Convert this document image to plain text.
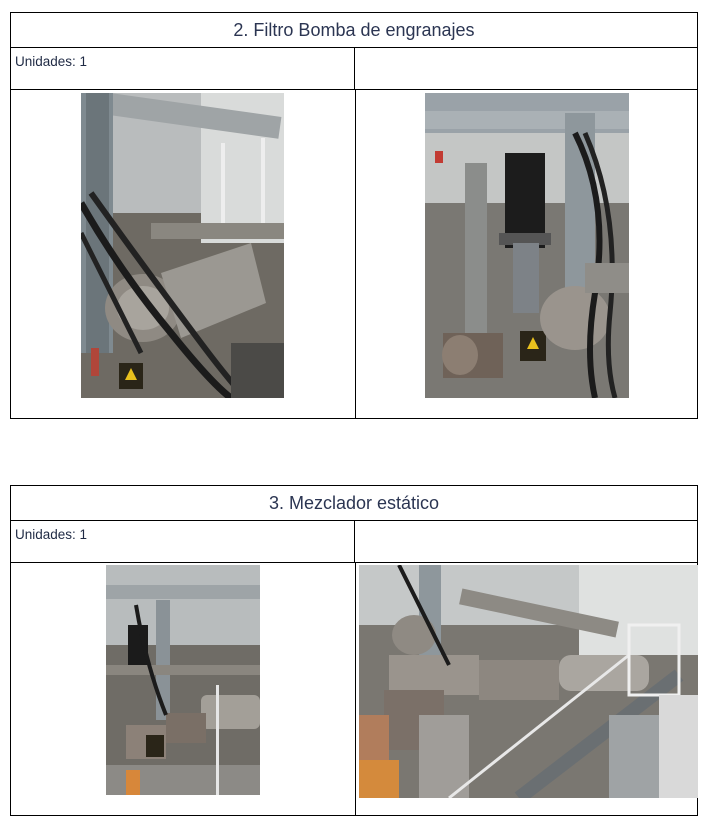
2. Filtro Bomba de engranajes
Unidades: 1
3. Mezclador estático
Unidades: 1
